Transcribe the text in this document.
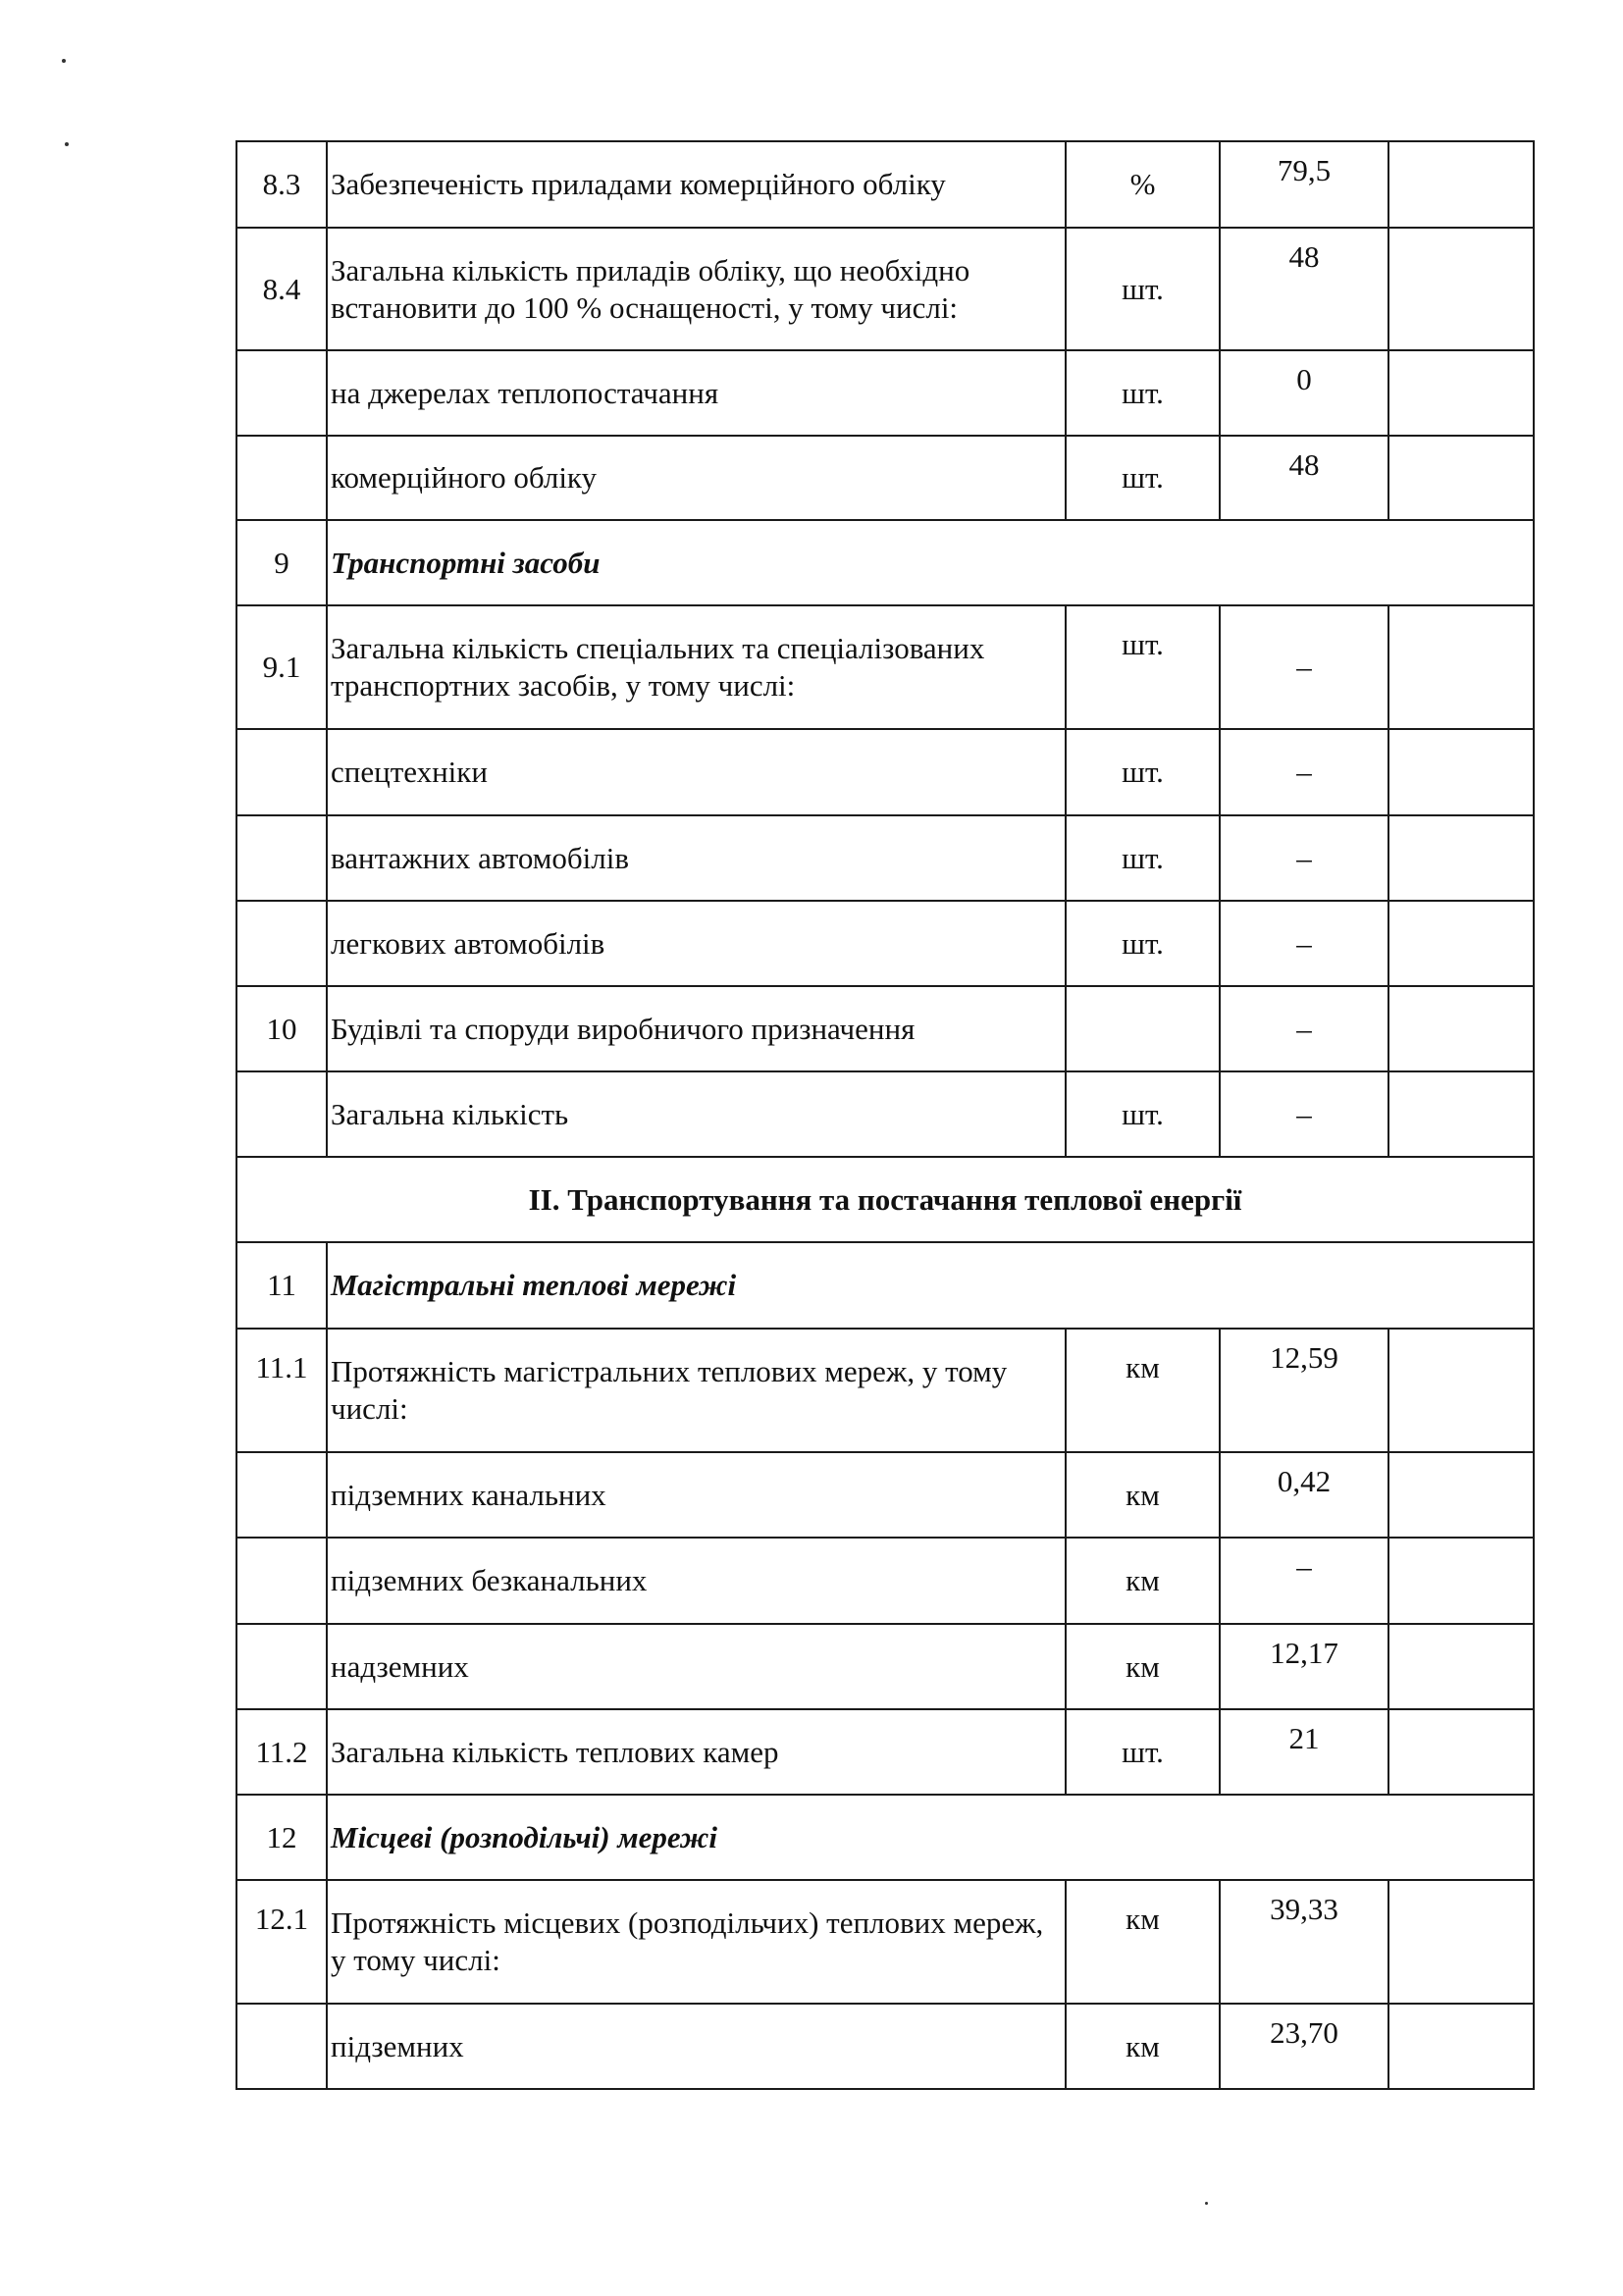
8.3	Забезпеченість приладами комерційного обліку	%	79,5	
8.4	Загальна кількість приладів обліку, що необхідно встановити до 100 % оснащеності, у тому числі:	шт.	48	
	на джерелах теплопостачання	шт.	0	
	комерційного обліку	шт.	48	
9	Транспортні засоби			
9.1	Загальна кількість спеціальних та спеціалізованих транспортних засобів, у тому числі:	шт.	–	
	спецтехніки	шт.	–	
	вантажних автомобілів	шт.	–	
	легкових автомобілів	шт.	–	
10	Будівлі та споруди виробничого призначення		–	
	Загальна кількість	шт.	–	
ІІ. Транспортування та постачання теплової енергії				
11	Магістральні теплові мережі			
11.1	Протяжність магістральних теплових мереж, у тому числі:	км	12,59	
	підземних канальних	км	0,42	
	підземних безканальних	км	–	
	надземних	км	12,17	
11.2	Загальна кількість теплових камер	шт.	21	
12	Місцеві (розподільчі) мережі			
12.1	Протяжність місцевих (розподільчих) теплових мереж, у тому числі:	км	39,33	
	підземних	км	23,70	
